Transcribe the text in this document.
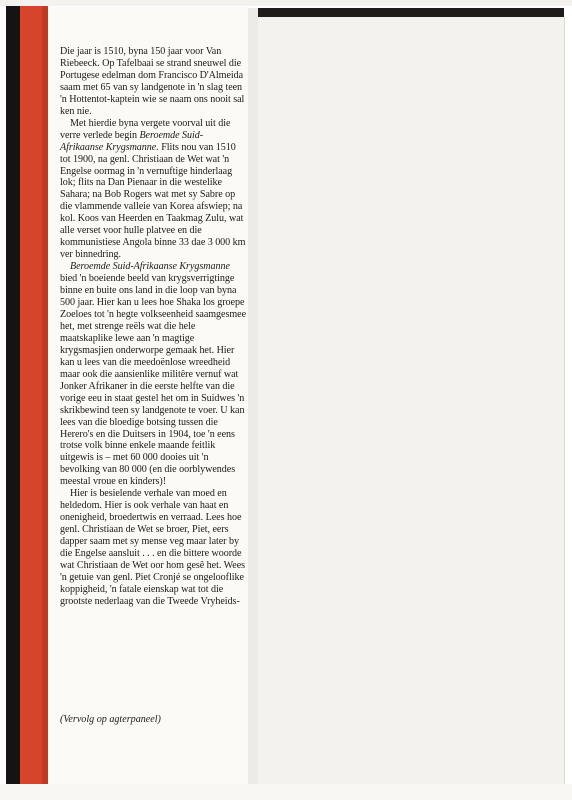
Die jaar is 1510, byna 150 jaar voor Van Riebeeck. Op Tafelbaai se strand sneuwel die Portugese edelman dom Francisco D'Almeida saam met 65 van sy landgenote in 'n slag teen 'n Hottentot-kaptein wie se naam ons nooit sal ken nie.

Met hierdie byna vergete voorval uit die verre verlede begin Beroemde Suid-Afrikaanse Krygsmanne. Flits nou van 1510 tot 1900, na genl. Christiaan de Wet wat 'n Engelse oormag in 'n vernuftige hinderlaag lok; flits na Dan Pienaar in die westelike Sahara; na Bob Rogers wat met sy Sabre op die vlammende valleie van Korea afswiep; na kol. Koos van Heerden en Taakmag Zulu, wat alle verset voor hulle platvee en die kommunistiese Angola binne 33 dae 3 000 km ver binnedring.

Beroemde Suid-Afrikaanse Krygsmanne bied 'n boeiende beeld van krygsverrigtinge binne en buite ons land in die loop van byna 500 jaar. Hier kan u lees hoe Shaka los groepe Zoeloes tot 'n hegte volkseenheid saamgesmee het, met strenge reëls wat die hele maatskaplike lewe aan 'n magtige krygsmasjien onderworpe gemaak het. Hier kan u lees van die meedoënlose wreedheid maar ook die aansienlike militêre vernuf wat Jonker Afrikaner in die eerste helfte van die vorige eeu in staat gestel het om in Suidwes 'n skrikbewind teen sy landgenote te voer. U kan lees van die bloedige botsing tussen die Herero's en die Duitsers in 1904, toe 'n eens trotse volk binne enkele maande feitlik uitgewis is – met 60 000 dooies uit 'n bevolking van 80 000 (en die oorblywendes meestal vroue en kinders)!

Hier is besielende verhale van moed en heldedom. Hier is ook verhale van haat en onenigheid, broedertwis en verraad. Lees hoe genl. Christiaan de Wet se broer, Piet, eers dapper saam met sy mense veg maar later by die Engelse aansluit . . . en die bittere woorde wat Christiaan de Wet oor hom gesê het. Wees 'n getuie van genl. Piet Cronjé se ongelooflike koppigheid, 'n fatale eienskap wat tot die grootste nederlaag van die Tweede Vryheids-

(Vervolg op agterpaneel)
